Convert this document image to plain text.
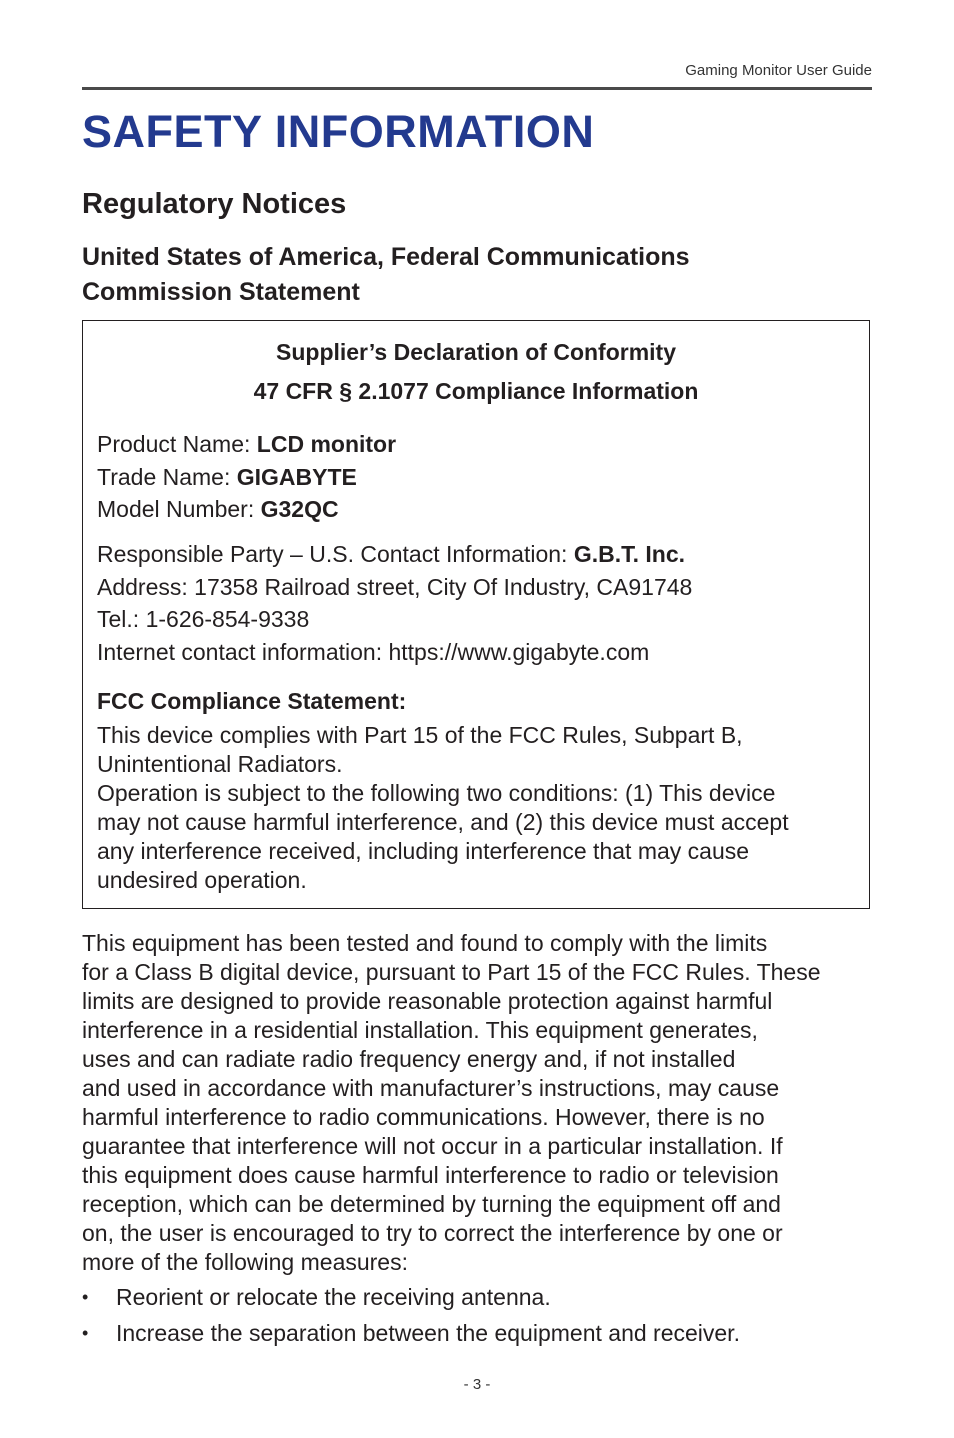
Gaming Monitor User Guide
SAFETY INFORMATION
Regulatory Notices
United States of America, Federal Communications
Commission Statement

Supplier’s Declaration of Conformity

47 CFR § 2.1077 Compliance Information

Product Name: LCD monitor
Trade Name: GIGABYTE
Model Number: G32QC
Responsible Party – U.S. Contact Information: G.B.T. Inc.
Address: 17358 Railroad street, City Of Industry, CA91748
Tel.: 1-626-854-9338
Internet contact information: https://www.gigabyte.com

FCC Compliance Statement:

This device complies with Part 15 of the FCC Rules, Subpart B,
Unintentional Radiators.
Operation is subject to the following two conditions: (1) This device
may not cause harmful interference, and (2) this device must accept
any interference received, including interference that may cause
undesired operation.

This equipment has been tested and found to comply with the limits
for a Class B digital device, pursuant to Part 15 of the FCC Rules. These
limits are designed to provide reasonable protection against harmful
interference in a residential installation. This equipment generates,
uses and can radiate radio frequency energy and, if not installed
and used in accordance with manufacturer’s instructions, may cause
harmful interference to radio communications. However, there is no
guarantee that interference will not occur in a particular installation. If
this equipment does cause harmful interference to radio or television
reception, which can be determined by turning the equipment off and
on, the user is encouraged to try to correct the interference by one or
more of the following measures:

• Reorient or relocate the receiving antenna.
• Increase the separation between the equipment and receiver.
- 3 -
